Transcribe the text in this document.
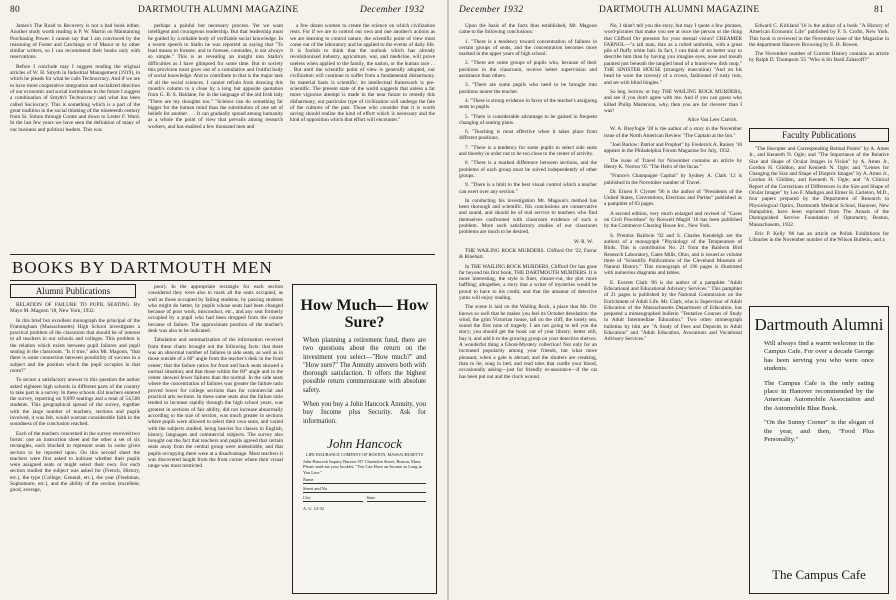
80	DARTMOUTH ALUMNI MAGAZINE	December 1932

James's The Road to Recovery is not a bad book either. Another study worth reading is P. W. Martin on Maintaining Purchasing Power. I cannot say that I am convinced by the reasoning of Foster and Catchings or of Manor or by other similar writers, so I can recommend their books only with reservations.

Before I conclude may I suggest reading the original articles of W. H. Smyth in Industrial Management (1919), in which he pleads for what he calls Technocracy. And if we are to have more cooperative integration and socialized direction of our economic and social institutions in the future I suggest a combination of Smyth's Technocracy and what has been called Sociocracy. This is something which is a part of the great tradition in the social thinking of the nineteenth century from St. Simon through Comte and down to Lester F. Ward. In the last few years we have seen the definition of many of our business and political leaders. This was

perhaps a painful but necessary process. Yet we want intelligent and courageous leadership. But that leadership must be guided by a reliable body of verifiable social knowledge. In a recent speech to Stalin he was reported as saying that "To lead means to foresee, and to foresee, comrades, is not always so simple." This is as revealing an insight into Stalin's difficulties as I have glimpsed for some time. But in society this provision must grow out of a cumulative and fruitful body of social knowledge. And to contribute to that is the major task of all the social sciences. I cannot refrain from drawing this month's column to a close by a long but apposite quotation from G. B. S. Haldane, for in the language of the old Irish lady "There are my thoughts too." "Science can do something far bigger for the human mind than the substitution of one set of beliefs for another . . . It can gradually spread among humanity as a whole the point of view that prevails among research workers, and has enabled a few thousand men and

a few dozen women to create the science on which civilization rests. For if we are to control our own and one another's actions as we are learning to control nature, the scientific point of view must come out of the laboratory and be applied to the events of daily life. It is foolish to think that the outlook which has already revolutionized industry, agriculture, war, and medicine, will prove useless when applied to the family, the nation, or the human race . . . But until the scientific point of view is generally adopted, our civilization will continue to suffer from a fundamental disharmony. Its material basis is scientific, its intellectual framework is pre-scientific. The present state of the world suggests that unless a far more vigorous attempt is made in the near future to remedy this disharmony, our particular type of civilization will undergo the fate of the cultures of the past. Those who consider that it is worth saving should realize the kind of effort which is necessary and the kind of opposition which that effort will encounter."

BOOKS BY DARTMOUTH MEN
Alumni Publications

RELATION OF FAILURE TO PUPIL SEATING. By Mayo M. Magoon '18, New York, 1932.

In this brief but excellent monograph the principal of the Framingham (Massachusetts) High School investigates a practical problem of the classroom that should be of interest to all teachers in our schools and colleges. This problem is the relation which exists between pupil failures and pupil seating in the classroom. "Is it true," asks Mr. Magoon, "that there is some connection between possibility of success in a subject and the position which the pupil occupies in that room?"

To secure a satisfactory answer to this question the author asked eighteen high schools in different parts of the country to take part in a survey. In these schools 434 teachers entered the survey, reporting on 9,099 seatings and a total of 54,500 students. This geographical spread of the survey, together with the large number of teachers, sections and pupils involved, it was felt, would warrant considerable faith in the soundness of the conclusion reached.

Each of the teachers concerned in the survey received two forms: one an instruction sheet and the other a set of six rectangles, each blocked to represent seats in some given section to be reported upon. On this second sheet the teachers were first asked to indicate whether their pupils were assigned seats or might select their own. For each section studied the subject was asked for (French, History, etc.), the type (College, General, etc.), the year (Freshman, Sophomore, etc.), and the ability of the section (excellent, good, average,

poor). In the appropriate rectangle for each section considered they were also to mark all the seats occupied, as well as those occupied by failing students, by passing students who might do better, by pupils whose seats had been changed because of poor work, misconduct, etc., and any seat formerly occupied by a pupil who had been dropped from the course because of failure. The approximate position of the teacher's desk was also to be indicated.

Tabulation and summarization of the information received from these charts brought out the following facts: that there was an abnormal number of failures in side seats, as well as in those outside of a 60° angle from the teacher's desk in the front center; that the failure ratios for front and back seats showed a normal situation; and that those within the 60° angle and in the center showed fewer failures than the normal. In the side seats where the concentration of failures was greater the failure ratio proved lower for college sections than for commercial and practical arts sections. In these same seats also the failure ratio tended to increase rapidly through the high school years, was greatest in sections of fair ability, did not increase abnormally according to the size of section, was much greater in sections where pupils were allowed to select their own seats, and varied with the subjects studied, being heavier for classes in English, history, languages and commercial subjects. The survey also brought out the fact that teachers and pupils agreed that certain seats away from the central group were undesirable, and that pupils occupying them were at a disadvantage. Most teachers it was discovered taught from the front corner where their visual range was most restricted.

How Much— How Sure?
When planning a retirement fund, there are two questions about the return on the investment you select—"How much?" and "How sure?" The Annuity answers both with thorough satisfaction. It offers the highest possible return commensurate with absolute safety.
When you buy a John Hancock Annuity, you buy Income plus Security. Ask for information.
John Hancock
LIFE INSURANCE COMPANY OF BOSTON, MASSACHUSETTS
John Hancock Inquiry Bureau 197 Clarendon Street, Boston, Mass. Please send me your booklet, "You Can Have an Income as Long as You Live."
Name
Street and No.
City	State
A. G. 12-32
December 1932	DARTMOUTH ALUMNI MAGAZINE	81

Upon the basis of the facts thus established, Mr. Magoon came to the following conclusions:

1. "There is a tendency toward concentration of failures in certain groups of seats, and the concentration becomes more marked in the upper years of high school.

2. "There are some groups of pupils who, because of their positions in the classroom, receive better supervision and assistance than others.

3. "There are some pupils who need to be brought into positions nearer the teacher.

4. "There is strong evidence in favor of the teacher's assigning seats to pupils.

5. "There is considerable advantage to be gained in frequent changing of seating plans.

6. "Teaching is most effective when it takes place from different positions.

7. "There is a tendency for some pupils to select side seats and thereby in order not to be too close to the center of activity.

8. "There is a marked difference between sections, and the problems of each group must be solved independently of other groups.

9. "There is a limit to the best visual control which a teacher can exert over any section."

In conducting his investigation Mr. Magoon's method has been thorough and scientific. His conclusions are conservative and sound, and should be of real service to teachers who find themselves confronted with classroom evidence of such a problem. More such satisfactory studies of our classroom problems are much to be desired.

W. R. W.

THE WAILING ROCK MURDERS. Clifford Orr '22, Farrar & Rinehart.

In THE WAILING ROCK MURDERS, Clifford Orr has gone far beyond his first book, THE DARTMOUTH MURDERS. It is more interesting, the style is finer, clearer-cut, the plot more baffling; altogether, a story that a writer of mysteries would be proud to have to his credit, and that the amateur of detective yarns will enjoy reading.

The scene is laid on the Wailing Rock, a place that Mr. Orr knows so well that he makes you feel its October desolation: the wind, the grim Victorian house, tall on the cliff, the lonely sea, sound the first note of tragedy. I am not going to tell you the story; you should get the book out of your library; better still, buy it, and add it to the growing group on your detective shelves. A wonderful thing a Ghost-Mystery collection! Not only for an increased popularity among your friends, but what more pleasant, when a gale is abroad, and the shutters are creaking, than to lie, snug in bed, and read tales that curdle your blood, occasionally asking—just for friendly re-assurance—if the cat has been put out and the clock wound.

No, I shan't tell you the story, but may I quote a few phrases, word-pictures that make you see at once the person or the thing that Clifford Orr presents for your mental vision? CREAMER FARNOL—"a tall man, thin as a rolled umbrella, with a great pile of fluffy white hair. In fact, I can think of no better way to describe him than by having you imagine eyes, nose and mouth painted just beneath the tangled head of a brand-new dish mop." THE SINISTER HOUSE (strangely masculine) "And on his head he wore the travesty of a crown, fashioned of rusty iron, and set with blind bingles."

So beg, borrow or buy THE WAILING ROCK MURDERS, and see if you don't agree with me. And if you can guess who killed Philip Masterson, why, then you are far cleverer than I was!

Alice Van Leer Carrick.

W. A. Breyfogle '28 is the author of a story in the November issue of the North American Review "The Captain at the Inn."

"Joel Barlow: Patriot and Prophet" by Frederick A. Rainey '10 appears in the Philadelphia Forum Magazine for July, 1932.

The issue of Travel for November contains an article by Henry K. Norton '05 "The Heirs of the Incas."

"France's Champagne Capital" by Sydney A. Clark '12 is published in the November number of Travel.

Dr. Ernest F. Clymer '96 is the author of "Presidents of the United States, Conventions, Elections and Parties" published as a pamphlet of 63 pages.

A second edition, very much enlarged and revised of "Cases on Civil Procedure" by Roswell Magill '16 has been published by the Commerce Clearing House Inc., New York.

S. Prentiss Baldwin '92 and S. Charles Kendeigh are the authors of a monograph "Physiology of the Temperature of Birds. This is contribution No. 21 from the Baldwin Bird Research Laboratory, Gates Mills, Ohio, and is issued as volume three of "Scientific Publications of the Cleveland Museum of Natural History." This monograph of 196 pages is illustrated with numerous diagrams and tables.

E. Everett Clark '06 is the author of a pamphlet "Adult Educational and Educational Advisory Services." This pamphlet of 21 pages is published by the National Commission on the Enrichment of Adult Life. Mr. Clark, who is Supervisor of Adult Education of the Massachusetts Department of Education, has prepared a mimeographed bulletin "Tentative Courses of Study in Adult Intermediate Education." Two other mimeograph bulletins by him are "A Study of Fees and Deposits in Adult Education" and "Adult Education, Avocations and Vocational Advisory Services."

Edward C. Kirkland '16 is the author of a book "A History of American Economic Life" published by F. S. Crofts, New York. This book is reviewed in the November issue of the Magazine in the department Hanover Browsing by E. H. Bowen.

The November number of Current History contains an article by Ralph D. Thompson '25 "Who is Sir Basil Zaharoff?"

Faculty Publications

"The Horopter and Corresponding Retinal Points" by A. Ames Jr., and Kenneth N. Ogle; and "The Importance of the Relative Size and Shape of Ocular Images in Vision" by A. Ames Jr., Gordon H. Gliddon, and Kenneth N. Ogle; and "Lenses for Changing the Size and Shape of Dioptric Images" by A. Ames Jr., Gordon H. Gliddon, and Kenneth N. Ogle; and "A Clinical Report of the Corrections of Differences in the Size and Shape of Ocular Images" by Leo F. Madigan and Elmer H. Carleton, M.D., four papers prepared by the Department of Research in Physiological Optics, Dartmouth Medical School, Hanover, New Hampshire, have been reprinted from The Annals of the Distinguished Service Foundation of Optometry, Boston, Massachusetts, 1932.

Eric P. Kelly '06 has an article on Polish Exhibitions for Libraries in the November number of the Wilson Bulletin, and a

Dartmouth Alumni
Will always find a warm welcome in the Campus Cafe. For over a decade George has been serving you who were once students.
The Campus Cafe is the only eating place in Hanover recommended by the American Automobile Association and the Automobile Blue Book.
"On the Sunny Corner" is the slogan of the year, and then, "Food Plus Personality."
The Campus Cafe
